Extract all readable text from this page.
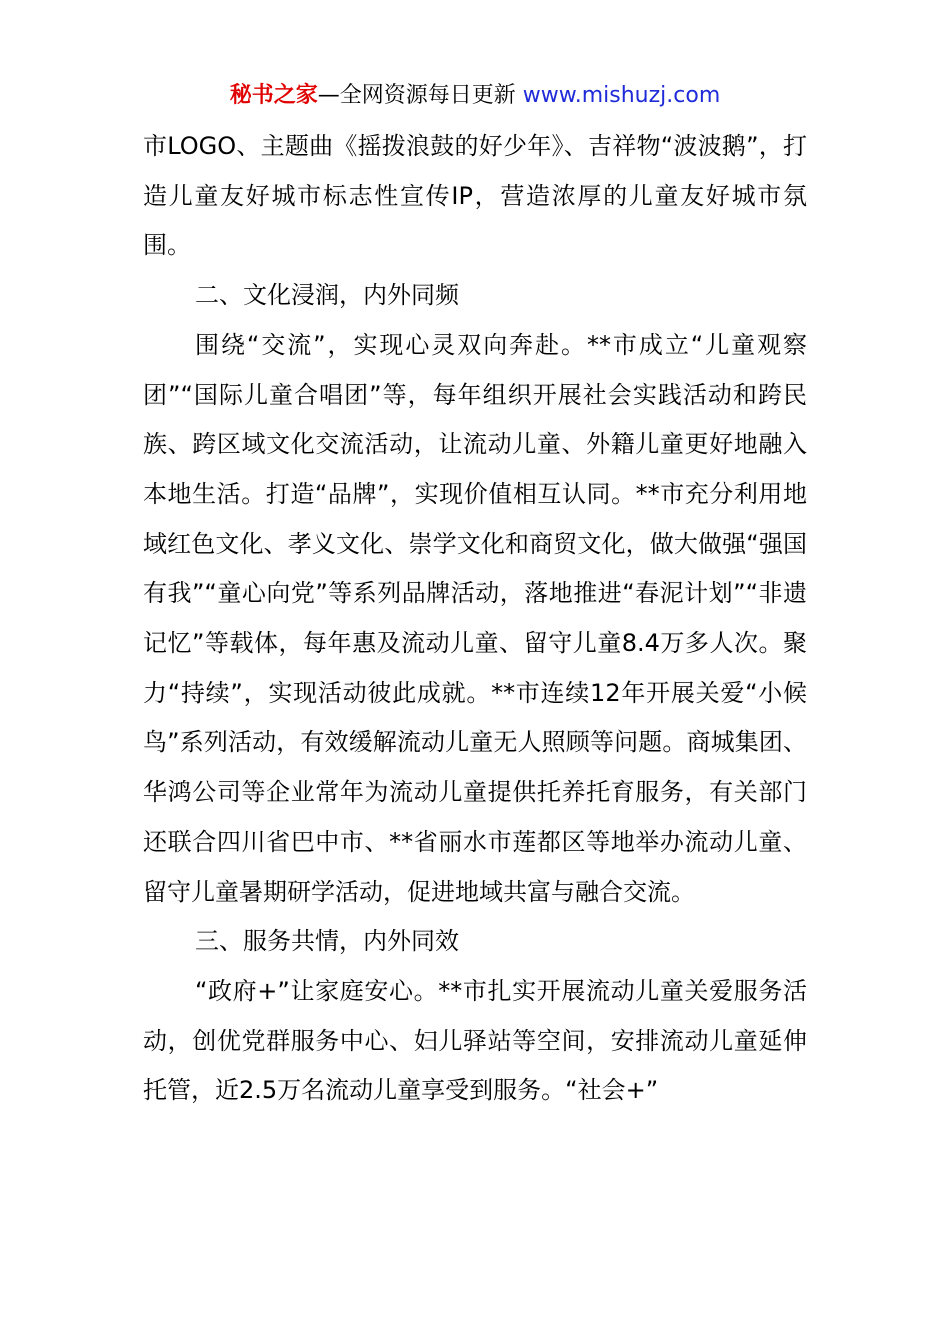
秘书之家—全网资源每日更新 www.mishuzj.com

市LOGO、主题曲《摇拨浪鼓的好少年》、吉祥物“波波鹅”，打造儿童友好城市标志性宣传IP，营造浓厚的儿童友好城市氛围。

二、文化浸润，内外同频

围绕“交流”，实现心灵双向奔赴。**市成立“儿童观察团”“国际儿童合唱团”等，每年组织开展社会实践活动和跨民族、跨区域文化交流活动，让流动儿童、外籍儿童更好地融入本地生活。打造“品牌”，实现价值相互认同。**市充分利用地域红色文化、孝义文化、崇学文化和商贸文化，做大做强“强国有我”“童心向党”等系列品牌活动，落地推进“春泥计划”“非遗记忆”等载体，每年惠及流动儿童、留守儿童8.4万多人次。聚力“持续”，实现活动彼此成就。**市连续12年开展关爱“小候鸟”系列活动，有效缓解流动儿童无人照顾等问题。商城集团、华鸿公司等企业常年为流动儿童提供托养托育服务，有关部门还联合四川省巴中市、**省丽水市莲都区等地举办流动儿童、留守儿童暑期研学活动，促进地域共富与融合交流。

三、服务共情，内外同效

“政府+”让家庭安心。**市扎实开展流动儿童关爱服务活动，创优党群服务中心、妇儿驿站等空间，安排流动儿童延伸托管，近2.5万名流动儿童享受到服务。“社会+”
